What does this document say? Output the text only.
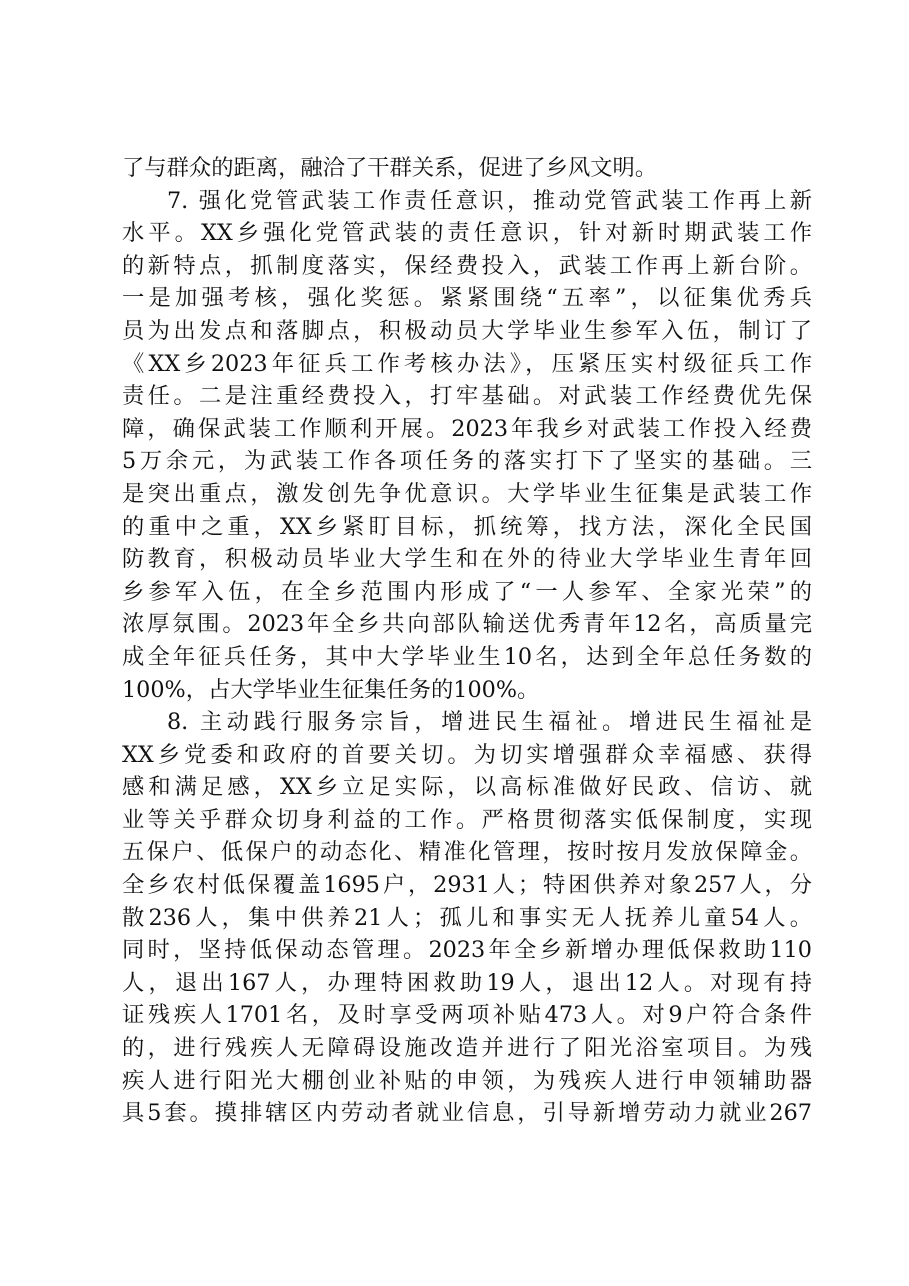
了与群众的距离，融洽了干群关系，促进了乡风文明。
7. 强化党管武装工作责任意识，推动党管武装工作再上新
水平。XX乡强化党管武装的责任意识，针对新时期武装工作
的新特点，抓制度落实，保经费投入，武装工作再上新台阶。
一是加强考核，强化奖惩。紧紧围绕“五率”，以征集优秀兵
员为出发点和落脚点，积极动员大学毕业生参军入伍，制订了
《XX乡2023年征兵工作考核办法》，压紧压实村级征兵工作
责任。二是注重经费投入，打牢基础。对武装工作经费优先保
障，确保武装工作顺利开展。2023年我乡对武装工作投入经费
5万余元，为武装工作各项任务的落实打下了坚实的基础。三
是突出重点，激发创先争优意识。大学毕业生征集是武装工作
的重中之重，XX乡紧盯目标，抓统筹，找方法，深化全民国
防教育，积极动员毕业大学生和在外的待业大学毕业生青年回
乡参军入伍，在全乡范围内形成了“一人参军、全家光荣”的
浓厚氛围。2023年全乡共向部队输送优秀青年12名，高质量完
成全年征兵任务，其中大学毕业生10名，达到全年总任务数的
100%，占大学毕业生征集任务的100%。
8. 主动践行服务宗旨，增进民生福祉。增进民生福祉是
XX乡党委和政府的首要关切。为切实增强群众幸福感、获得
感和满足感，XX乡立足实际，以高标准做好民政、信访、就
业等关乎群众切身利益的工作。严格贯彻落实低保制度，实现
五保户、低保户的动态化、精准化管理，按时按月发放保障金。
全乡农村低保覆盖1695户，2931人；特困供养对象257人，分
散236人，集中供养21人；孤儿和事实无人抚养儿童54人。
同时，坚持低保动态管理。2023年全乡新增办理低保救助110
人，退出167人，办理特困救助19人，退出12人。对现有持
证残疾人1701名，及时享受两项补贴473人。对9户符合条件
的，进行残疾人无障碍设施改造并进行了阳光浴室项目。为残
疾人进行阳光大棚创业补贴的申领，为残疾人进行申领辅助器
具5套。摸排辖区内劳动者就业信息，引导新增劳动力就业267
